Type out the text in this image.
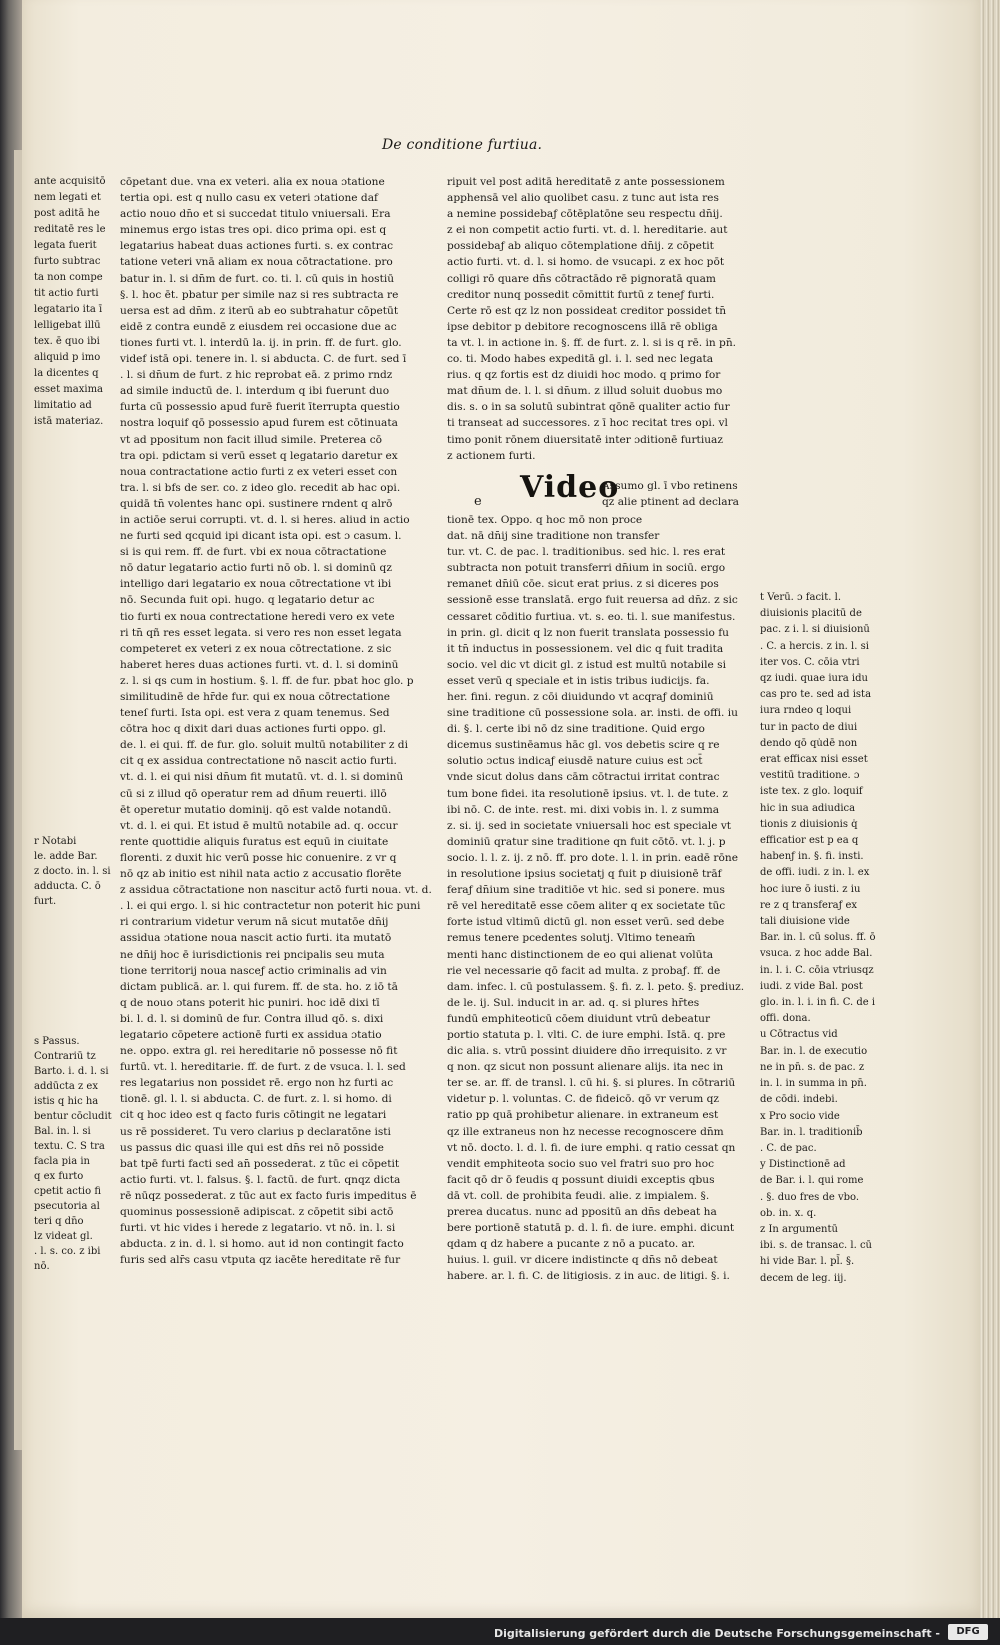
De conditione furtiua.
ante acquisitō
nem legati et
post aditā he
reditatē res le
legata fuerit
furto subtrac
ta non compe
tit actio furti
legatario ita ī
lelligebat illū
tex. ē quo ibi
aliquid p imo
la dicentes q
esset maxima
limitatio ad
istā materiaz.
r Notabi
le. adde Bar.
z docto. in. l. si
adducta. C. ō
furt.
s Passus.
Contrariū tz
Barto. i. d. l. si
addūcta z ex
istis q hic ha
bentur cōcludit
Bal. in. l. si
textu. C. S tra
facla pia in
q ex furto
cpetit actio fi
psecutoria al
teri q dn̄o
lz videat gl.
. l. s. co. z ibi
nō.
cōpetant due. vna ex veteri. alia ex noua ɔtatione
tertia opi. est q nullo casu ex veteri ɔtatione daf
actio nouo dn̄o et si succedat titulo vniuersali. Era
minemus ergo istas tres opi. dico prima opi. est q
legatarius habeat duas actiones furti. s. ex contrac
tatione veteri vnā aliam ex noua cōtractatione. pro
batur in. l. si dn̄m de furt. co. ti. l. cū quis in hostiū
§. l. hoc ēt. pbatur per simile naz si res subtracta re
uersa est ad dn̄m. z iterū ab eo subtrahatur cōpetūt
eidē z contra eundē z eiusdem rei occasione due ac
tiones furti vt. l. interdū la. ij. in prin. ff. de furt. glo.
videf istā opi. tenere in. l. si abducta. C. de furt. sed ī
. l. si dn̄um de furt. z hic reprobat eā. z primo rndz
ad simile inductū de. l. interdum q ibi fuerunt duo
furta cū possessio apud furē fuerit īterrupta questio
nostra loquif qō possessio apud furem est cōtinuata
vt ad ppositum non facit illud simile. Preterea cō
tra opi. pdictam si verū esset q legatario daretur ex
noua contractatione actio furti z ex veteri esset con
tra. l. si bfs de ser. co. z ideo glo. recedit ab hac opi.
quidā tn̄ volentes hanc opi. sustinere rndent q alrō
in actiōe serui corrupti. vt. d. l. si heres. aliud in actio
ne furti sed qcquid ipi dicant ista opi. est ɔ casum. l.
si is qui rem. ff. de furt. vbi ex noua cōtractatione
nō datur legatario actio furti nō ob. l. si dominū qz
intelligo dari legatario ex noua cōtrectatione vt ibi
nō. Secunda fuit opi. hugo. q legatario detur ac
tio furti ex noua contrectatione heredi vero ex vete
ri tn̄ qñ res esset legata. si vero res non esset legata
competeret ex veteri z ex noua cōtrectatione. z sic
haberet heres duas actiones furti. vt. d. l. si dominū
z. l. si qs cum in hostium. §. l. ff. de fur. pbat hoc glo. p
similitudinē de hr̄de fur. qui ex noua cōtrectatione
teneſ furti. Ista opi. est vera z quam tenemus. Sed
cōtra hoc q dixit dari duas actiones furti oppo. gl.
de. l. ei qui. ff. de fur. glo. soluit multū notabiliter z di
cit q ex assidua contrectatione nō nascit actio furti.
vt. d. l. ei qui nisi dn̄um fit mutatū. vt. d. l. si dominū
cū si z illud qō operatur rem ad dn̄um reuerti. illō
ēt operetur mutatio dominij. qō est valde notandū.
vt. d. l. ei qui. Et istud ē multū notabile ad. q. occur
rente quottidie aliquis furatus est equū in ciuitate
florenti. z duxit hic verū posse hic conuenire. z vr q
nō qz ab initio est nihil nata actio z accusatio florēte
z assidua cōtractatione non nascitur actō furti noua. vt. d.
. l. ei qui ergo. l. si hic contractetur non poterit hic puni
ri contrarium videtur verum nā sicut mutatōe dn̄ij
assidua ɔtatione noua nascit actio furti. ita mutatō
ne dn̄ij hoc ē iurisdictionis rei pncipalis seu muta
tione territorij noua nasceƒ actio criminalis ad vin
dictam publicā. ar. l. qui furem. ff. de sta. ho. z iō tā
q de nouo ɔtans poterit hic puniri. hoc idē dixi tī
bi. l. d. l. si dominū de fur. Contra illud qō. s. dixi
legatario cōpetere actionē furti ex assidua ɔtatio
ne. oppo. extra gl. rei hereditarie nō possesse nō fit
furtū. vt. l. hereditarie. ff. de furt. z de vsuca. l. l. sed
res legatarius non possidet rē. ergo non hz furti ac
tionē. gl. l. l. si abducta. C. de furt. z. l. si homo. di
cit q hoc ideo est q facto furis cōtingit ne legatari
us rē possideret. Tu vero clarius p declaratōne isti
us passus dic quasi ille qui est dn̄s rei nō posside
bat tpē furti facti sed an̄ possederat. z tūc ei cōpetit
actio furti. vt. l. falsus. §. l. factū. de furt. qnqz dicta
rē nūqz possederat. z tūc aut ex facto furis impeditus ē
quominus possessionē adipiscat. z cōpetit sibi actō
furti. vt hic vides i herede z legatario. vt nō. in. l. si
abducta. z in. d. l. si homo. aut id non contingit facto
furis sed alr̄s casu vtputa qz iacēte hereditate rē fur
ripuit vel post aditā hereditatē z ante possessionem
apphensā vel alio quolibet casu. z tunc aut ista res
a nemine possidebaƒ cōtēplatōne seu respectu dn̄ij.
z ei non competit actio furti. vt. d. l. hereditarie. aut
possidebaƒ ab aliquo cōtemplatione dn̄ij. z cōpetit
actio furti. vt. d. l. si homo. de vsucapi. z ex hoc pōt
colligi rō quare dn̄s cōtractādo rē pignoratā quam
creditor nunq possedit cōmittit furtū z teneƒ furti.
Certe rō est qz lz non possideat creditor possidet tn̄
ipse debitor p debitore recognoscens illā rē obliga
ta vt. l. in actione in. §. ff. de furt. z. l. si is q rē. in pn̄.
co. ti. Modo habes expeditā gl. i. l. sed nec legata
rius. q qz fortis est dz diuidi hoc modo. q primo for
mat dn̄um de. l. l. si dn̄um. z illud soluit duobus mo
dis. s. o in sa solutū subintrat qōnē qualiter actio fur
ti transeat ad successores. z ī hoc recitat tres opi. vl
timo ponit rōnem diuersitatē inter ɔditionē furtiuaz
z actionem furti.

tionē tex. Oppo. q hoc mō non proce
dat. nā dn̄ij sine traditione non transfer
tur. vt. C. de pac. l. traditionibus. sed hic. l. res erat
subtracta non potuit transferri dn̄ium in sociū. ergo
remanet dn̄iū cōe. sicut erat prius. z si diceres pos
sessionē esse translatā. ergo fuit reuersa ad dn̄z. z sic
cessaret cōditio furtiua. vt. s. eo. ti. l. sue manifestus.
in prin. gl. dicit q lz non fuerit translata possessio fu
it tn̄ inductus in possessionem. vel dic q fuit tradita
socio. vel dic vt dicit gl. z istud est multū notabile si
esset verū q speciale et in istis tribus iudicijs. fa.
her. fini. regun. z cōi diuidundo vt acqraƒ dominiū
sine traditione cū possessione sola. ar. insti. de offi. iu
di. §. l. certe ibi nō dz sine traditione. Quid ergo
dicemus sustinēamus hāc gl. vos debetis scire q re
solutio ɔctus indicaƒ eiusdē nature cuius est ɔct̄
vnde sicut dolus dans cām cōtractui irritat contrac
tum bone fidei. ita resolutionē ipsius. vt. l. de tute. z
ibi nō. C. de inte. rest. mi. dixi vobis in. l. z summa
z. si. ij. sed in societate vniuersali hoc est speciale vt
dominiū qratur sine traditione qn fuit cōtō. vt. l. j. p
socio. l. l. z. ij. z nō. ff. pro dote. l. l. in prin. eadē rōne
in resolutione ipsius societatj q fuit p diuisionē trāf
feraƒ dn̄ium sine traditiōe vt hic. sed si ponere. mus
rē vel hereditatē esse cōem aliter q ex societate tūc
forte istud vltimū dictū gl. non esset verū. sed debe
remus tenere pcedentes solutj. Vltimo teneam̄
menti hanc distinctionem de eo qui alienat volūta
rie vel necessarie qō facit ad multa. z probaƒ. ff. de
dam. infec. l. cū postulassem. §. fi. z. l. peto. §. prediuz.
de le. ij. Sul. inducit in ar. ad. q. si plures hr̄tes
fundū emphiteoticū cōem diuidunt vtrū debeatur
portio statuta p. l. vlti. C. de iure emphi. Istā. q. pre
dic alia. s. vtrū possint diuidere dn̄o irrequisito. z vr
q non. qz sicut non possunt alienare alijs. ita nec in
ter se. ar. ff. de transl. l. cū hi. §. si plures. In cōtrariū
videtur p. l. voluntas. C. de fideicō. qō vr verum qz
ratio pp quā prohibetur alienare. in extraneum est
qz ille extraneus non hz necesse recognoscere dn̄m
vt nō. docto. l. d. l. fi. de iure emphi. q ratio cessat qn
vendit emphiteota socio suo vel fratri suo pro hoc
facit qō dr ō feudis q possunt diuidi exceptis qbus
dā vt. coll. de prohibita feudi. alie. z impialem. §.
prerea ducatus. nunc ad ppositū an dn̄s debeat ha
bere portionē statutā p. d. l. fi. de iure. emphi. dicunt
qdam q dz habere a pucante z nō a pucato. ar.
huius. l. guil. vr dicere indistincte q dn̄s nō debeat
habere. ar. l. fi. C. de litigiosis. z in auc. de litigi. §. i.
e Video
Assumo gl. ī vbo retinens
qz alie ptinent ad declara
t Verū. ɔ facit. l.
diuisionis placitū de
pac. z i. l. si diuisionū
. C. a hercis. z in. l. si
iter vos. C. cōia vtri
qz iudi. quae iura idu
cas pro te. sed ad ista
iura rndeo q loqui
tur in pacto de diui
dendo qō qu̇dē non
erat efficax nisi esset
vestitū traditione. ɔ
iste tex. z glo. loquif
hic in sua adiudica
tionis z diuisionis q̇
efficatior est p ea q
habenƒ in. §. fi. insti.
de offi. iudi. z in. l. ex
hoc iure ō iusti. z iu
re z q transferaƒ ex
tali diuisione vide
Bar. in. l. cū solus. ff. ō
vsuca. z hoc adde Bal.
in. l. i. C. cōia vtriusqz
iudi. z vide Bal. post
glo. in. l. i. in fi. C. de i
offi. dona.
u Cōtractus vid
Bar. in. l. de executio
ne in pn̄. s. de pac. z
in. l. in summa in pn̄.
de cōdi. indebi.
x Pro socio vide
Bar. in. l. traditionib̄
. C. de pac.
y Distinctionē ad
de Bar. i. l. qui rome
. §. duo fres de vbo.
ob. in. x. q.
z In argumentū
ibi. s. de transac. l. cū
hi vide Bar. l. pl̄. §.
decem de leg. iij.
Digitalisierung gefördert durch die Deutsche Forschungsgemeinschaft -	DFG
